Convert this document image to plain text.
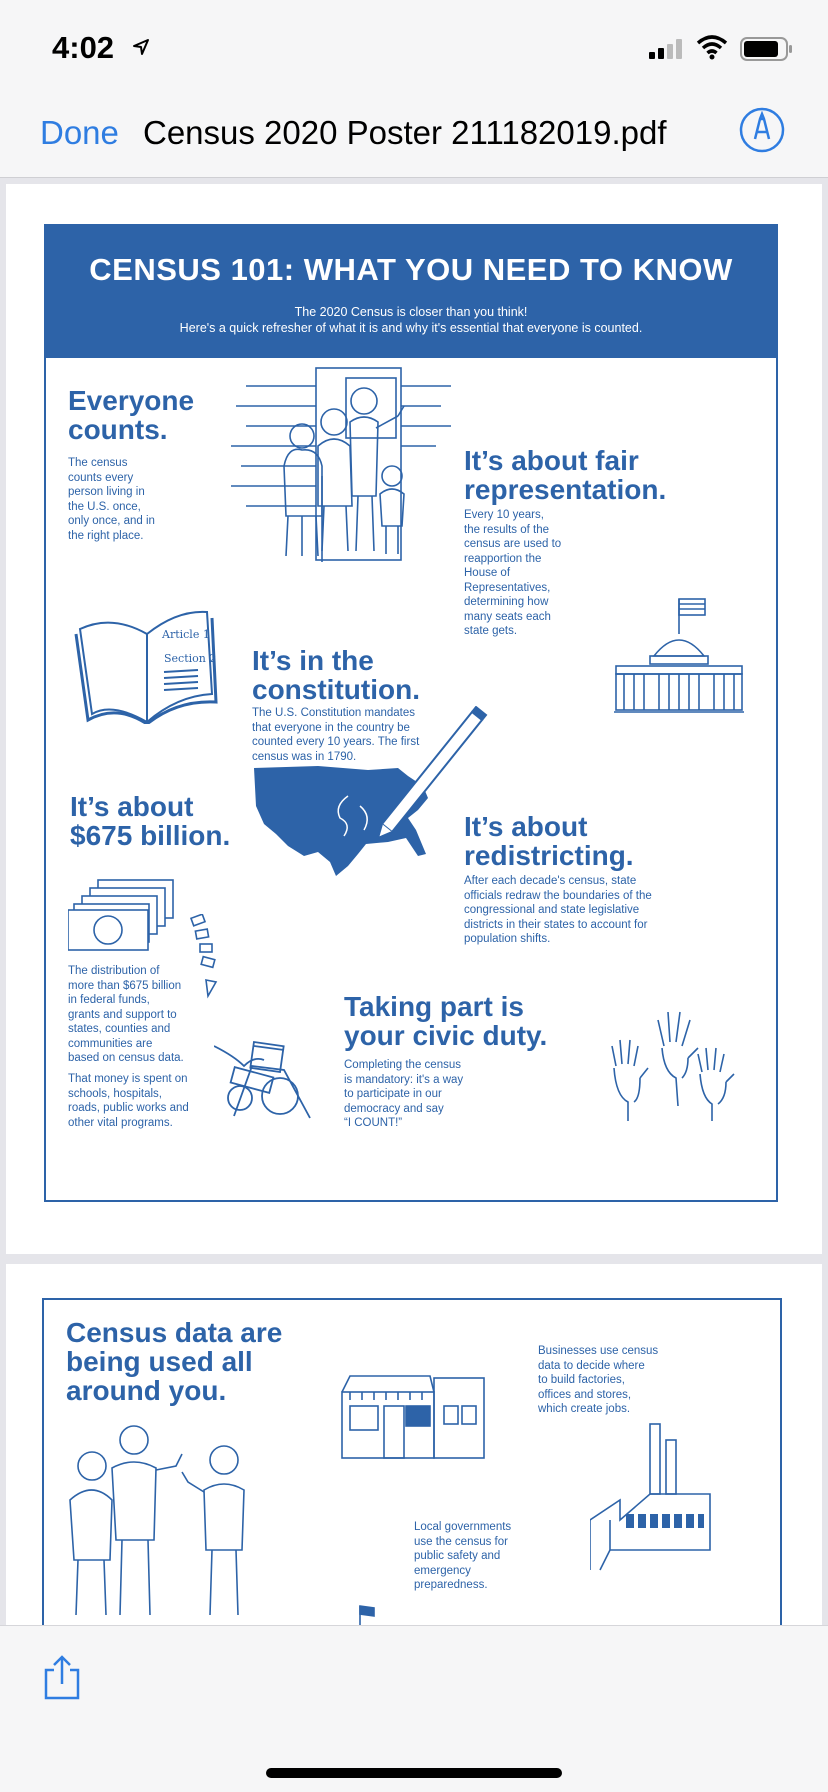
4:02
Done Census 2020 Poster 211182019.pdf
CENSUS 101: WHAT YOU NEED TO KNOW

The 2020 Census is closer than you think!

Here's a quick refresher of what it is and why it's essential that everyone is counted.

Everyone
counts.
The census
counts every
person living in
the U.S. once,
only once, and in
the right place.
It’s about fair
representation.
Every 10 years,
the results of the
census are used to
reapportion the
House of
Representatives,
determining how
many seats each
state gets.
Article 1
Section 2 It’s in the
constitution.
The U.S. Constitution mandates
that everyone in the country be
counted every 10 years. The first
census was in 1790.
It’s about
$675 billion.
The distribution of
more than $675 billion
in federal funds,
grants and support to
states, counties and
communities are
based on census data.
That money is spent on
schools, hospitals,
roads, public works and
other vital programs.
It’s about
redistricting.
After each decade's census, state
officials redraw the boundaries of the
congressional and state legislative
districts in their states to account for
population shifts.
Taking part is
your civic duty.
Completing the census
is mandatory: it's a way
to participate in our
democracy and say
“I COUNT!”
Census data are
being used all
around you.
Businesses use census
data to decide where
to build factories,
offices and stores,
which create jobs.
Local governments
use the census for
public safety and
emergency
preparedness.
